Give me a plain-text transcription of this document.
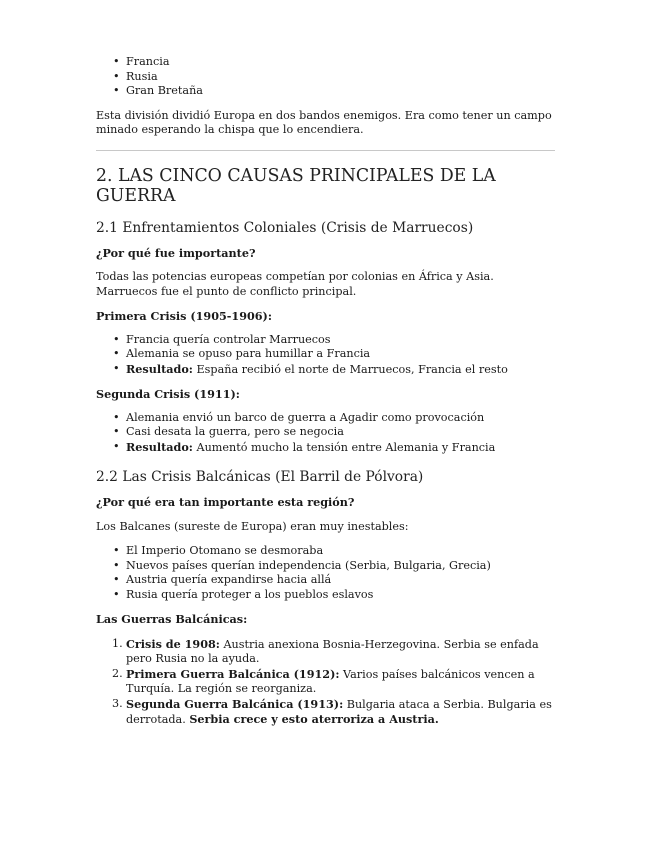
• Francia
• Rusia
• Gran Bretaña

Esta división dividió Europa en dos bandos enemigos. Era como tener un campo minado esperando la chispa que lo encendiera.

2. LAS CINCO CAUSAS PRINCIPALES DE LA GUERRA
2.1 Enfrentamientos Coloniales (Crisis de Marruecos)

¿Por qué fue importante?

Todas las potencias europeas competían por colonias en África y Asia. Marruecos fue el punto de conflicto principal.

Primera Crisis (1905-1906):

• Francia quería controlar Marruecos
• Alemania se opuso para humillar a Francia
• Resultado: España recibió el norte de Marruecos, Francia el resto

Segunda Crisis (1911):

• Alemania envió un barco de guerra a Agadir como provocación
• Casi desata la guerra, pero se negocia
• Resultado: Aumentó mucho la tensión entre Alemania y Francia
2.2 Las Crisis Balcánicas (El Barril de Pólvora)

¿Por qué era tan importante esta región?

Los Balcanes (sureste de Europa) eran muy inestables:

• El Imperio Otomano se desmoraba
• Nuevos países querían independencia (Serbia, Bulgaria, Grecia)
• Austria quería expandirse hacia allá
• Rusia quería proteger a los pueblos eslavos

Las Guerras Balcánicas:

Crisis de 1908: Austria anexiona Bosnia-Herzegovina. Serbia se enfada pero Rusia no la ayuda.
Primera Guerra Balcánica (1912): Varios países balcánicos vencen a Turquía. La región se reorganiza.
Segunda Guerra Balcánica (1913): Bulgaria ataca a Serbia. Bulgaria es derrotada. Serbia crece y esto aterroriza a Austria.
